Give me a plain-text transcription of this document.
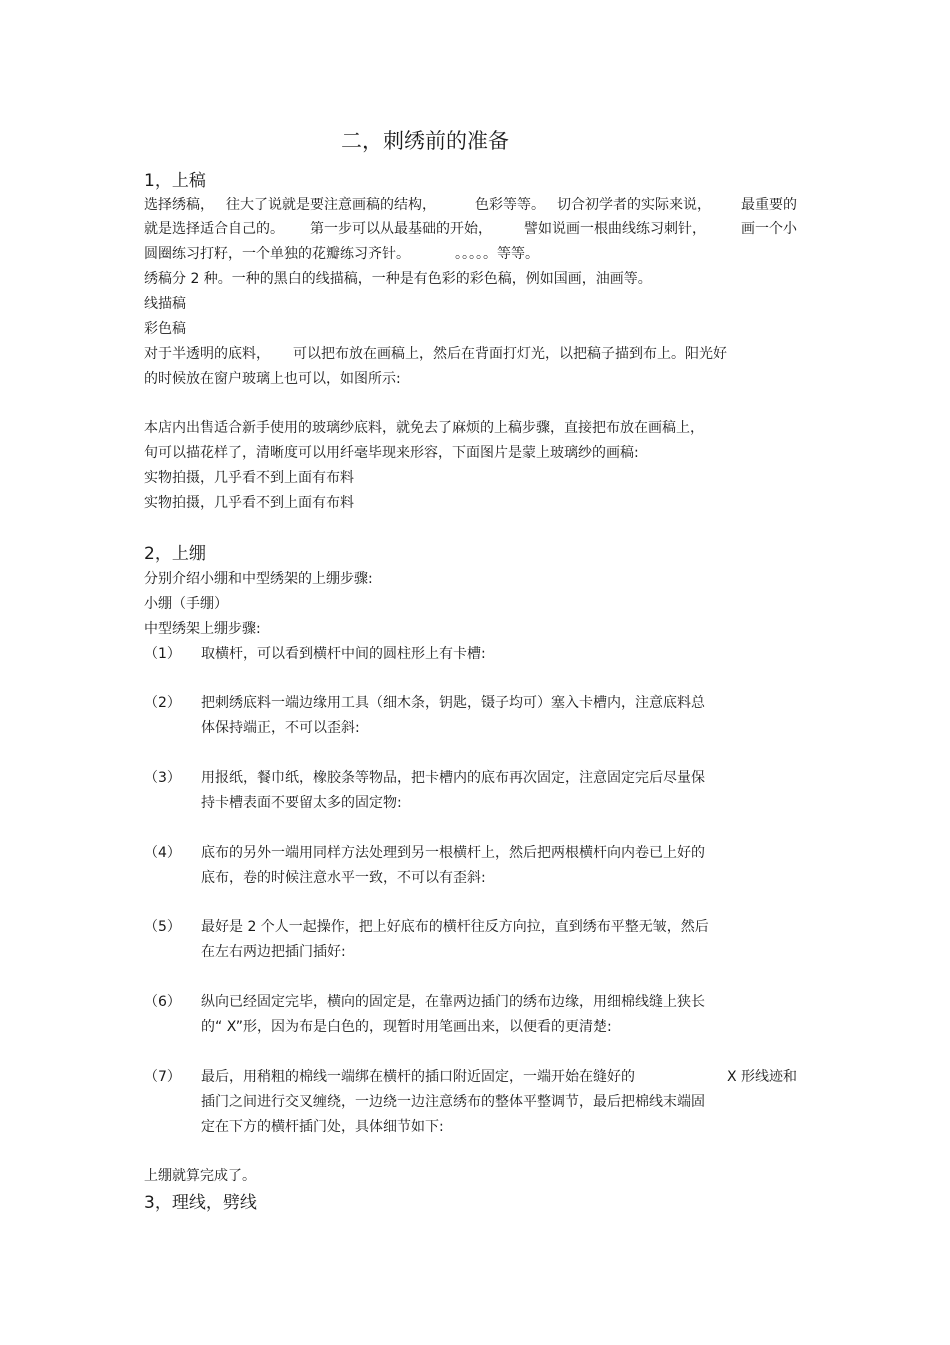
二，刺绣前的准备
1，上稿
选择绣稿， 往大了说就是要注意画稿的结构，	色彩等等。 切合初学者的实际来说， 最重要的
就是选择适合自己的。 第一步可以从最基础的开始， 譬如说画一根曲线练习刺针，	画一个小
圆圈练习打籽，一个单独的花瓣练习齐针。	。。。。。等等。
绣稿分 2 种。一种的黑白的线描稿，一种是有色彩的彩色稿，例如国画，油画等。
线描稿
彩色稿
对于半透明的底料， 可以把布放在画稿上，然后在背面打灯光，以把稿子描到布上。阳光好
的时候放在窗户玻璃上也可以，如图所示:
本店内出售适合新手使用的玻璃纱底料，就免去了麻烦的上稿步骤，直接把布放在画稿上，
旬可以描花样了，清晰度可以用纤毫毕现来形容，下面图片是蒙上玻璃纱的画稿:
实物拍摄，几乎看不到上面有布料
实物拍摄，几乎看不到上面有布料
2，上绷
分别介绍小绷和中型绣架的上绷步骤:
小绷（手绷）
中型绣架上绷步骤:
（1） 取横杆，可以看到横杆中间的圆柱形上有卡槽:
（2） 把刺绣底料一端边缘用工具（细木条，钥匙，镊子均可）塞入卡槽内，注意底料总
体保持端正，不可以歪斜:
（3） 用报纸，餐巾纸，橡胶条等物品，把卡槽内的底布再次固定，注意固定完后尽量保
持卡槽表面不要留太多的固定物:
（4） 底布的另外一端用同样方法处理到另一根横杆上，然后把两根横杆向内卷已上好的
底布，卷的时候注意水平一致，不可以有歪斜:
（5） 最好是 2 个人一起操作，把上好底布的横杆往反方向拉，直到绣布平整无皱，然后
在左右两边把插门插好:
（6） 纵向已经固定完毕，横向的固定是，在靠两边插门的绣布边缘，用细棉线缝上狭长
的“ X”形，因为布是白色的，现暂时用笔画出来，以便看的更清楚:
（7） 最后，用稍粗的棉线一端绑在横杆的插口附近固定，一端开始在缝好的	X 形线迹和
插门之间进行交叉缠绕，一边绕一边注意绣布的整体平整调节，最后把棉线末端固
定在下方的横杆插门处，具体细节如下:
上绷就算完成了。
3，理线，劈线
